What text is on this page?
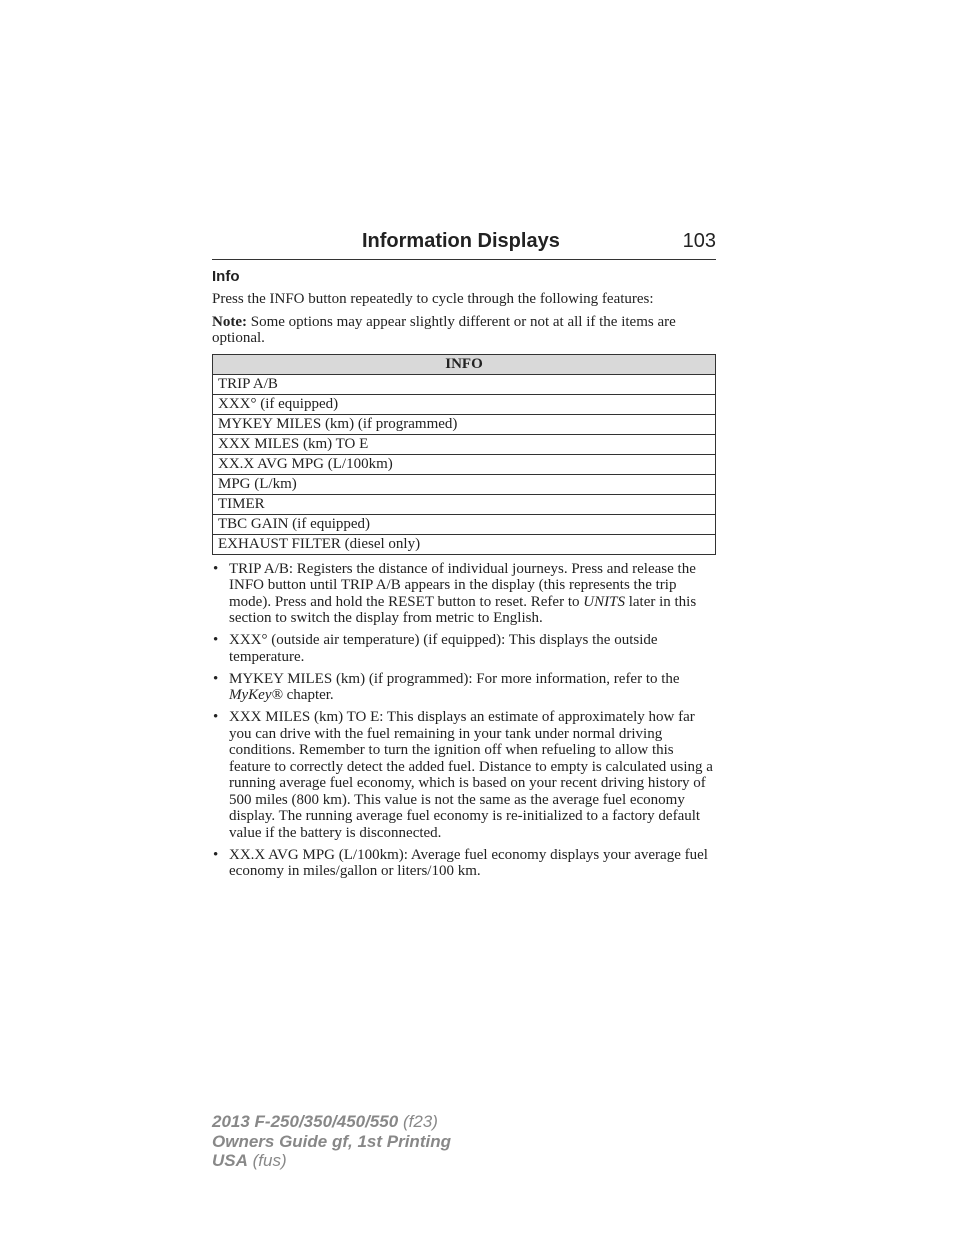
Information Displays	103
Info

Press the INFO button repeatedly to cycle through the following features:

Note: Some options may appear slightly different or not at all if the items are optional.

INFO
TRIP A/B
XXX° (if equipped)
MYKEY MILES (km) (if programmed)
XXX MILES (km) TO E
XX.X AVG MPG (L/100km)
MPG (L/km)
TIMER
TBC GAIN (if equipped)
EXHAUST FILTER (diesel only)
• TRIP A/B: Registers the distance of individual journeys. Press and release the INFO button until TRIP A/B appears in the display (this represents the trip mode). Press and hold the RESET button to reset. Refer to UNITS later in this section to switch the display from metric to English.
• XXX° (outside air temperature) (if equipped): This displays the outside temperature.
• MYKEY MILES (km) (if programmed): For more information, refer to the MyKey® chapter.
• XXX MILES (km) TO E: This displays an estimate of approximately how far you can drive with the fuel remaining in your tank under normal driving conditions. Remember to turn the ignition off when refueling to allow this feature to correctly detect the added fuel. Distance to empty is calculated using a running average fuel economy, which is based on your recent driving history of 500 miles (800 km). This value is not the same as the average fuel economy display. The running average fuel economy is re-initialized to a factory default value if the battery is disconnected.
• XX.X AVG MPG (L/100km): Average fuel economy displays your average fuel economy in miles/gallon or liters/100 km.
2013 F-250/350/450/550 (f23)
Owners Guide gf, 1st Printing
USA (fus)
